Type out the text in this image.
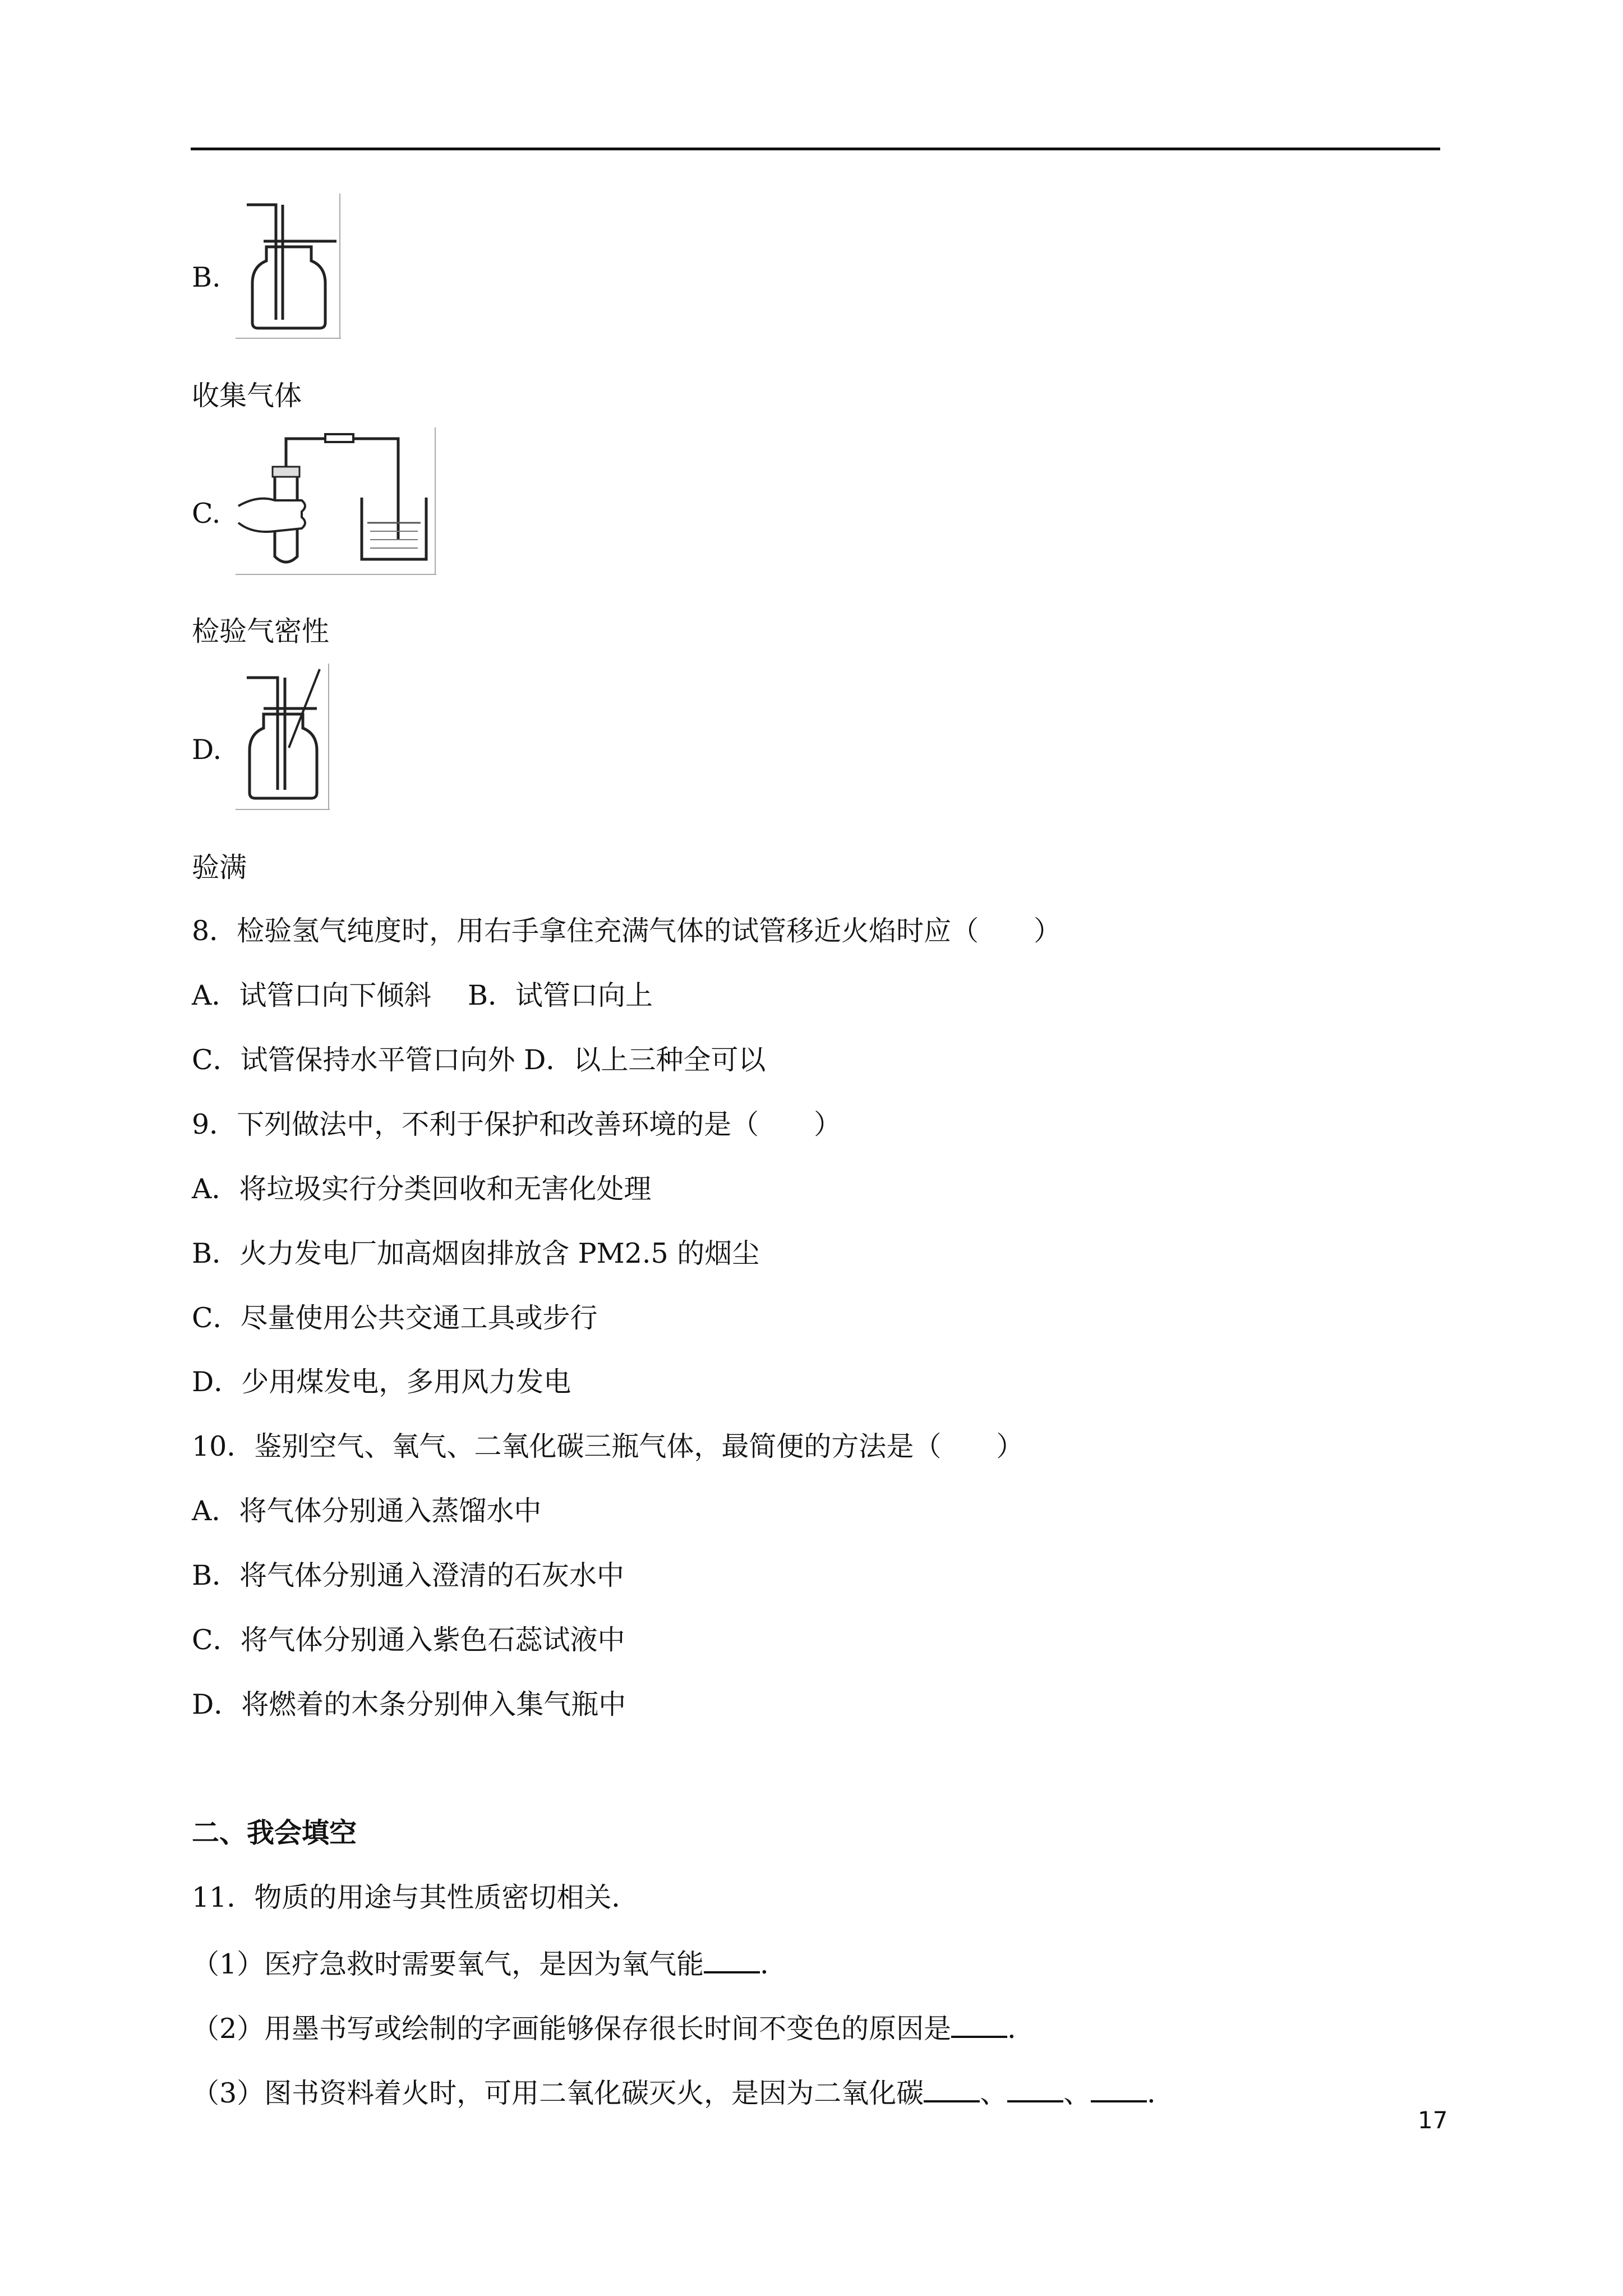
B.
收集气体
C.
检验气密性
D.
验满
8．检验氢气纯度时，用右手拿住充满气体的试管移近火焰时应（　　）
A．试管口向下倾斜　 B．试管口向上
C．试管保持水平管口向外 D．以上三种全可以
9．下列做法中，不利于保护和改善环境的是（　　）
A．将垃圾实行分类回收和无害化处理
B．火力发电厂加高烟囱排放含 PM2.5 的烟尘
C．尽量使用公共交通工具或步行
D．少用煤发电，多用风力发电
10．鉴别空气、氧气、二氧化碳三瓶气体，最简便的方法是（　　）
A．将气体分别通入蒸馏水中
B．将气体分别通入澄清的石灰水中
C．将气体分别通入紫色石蕊试液中
D．将燃着的木条分别伸入集气瓶中
二、我会填空
11．物质的用途与其性质密切相关．
（1）医疗急救时需要氧气，是因为氧气能 ．
（2）用墨书写或绘制的字画能够保存很长时间不变色的原因是 ．
（3）图书资料着火时，可用二氧化碳灭火，是因为二氧化碳 、 、 ．
17
